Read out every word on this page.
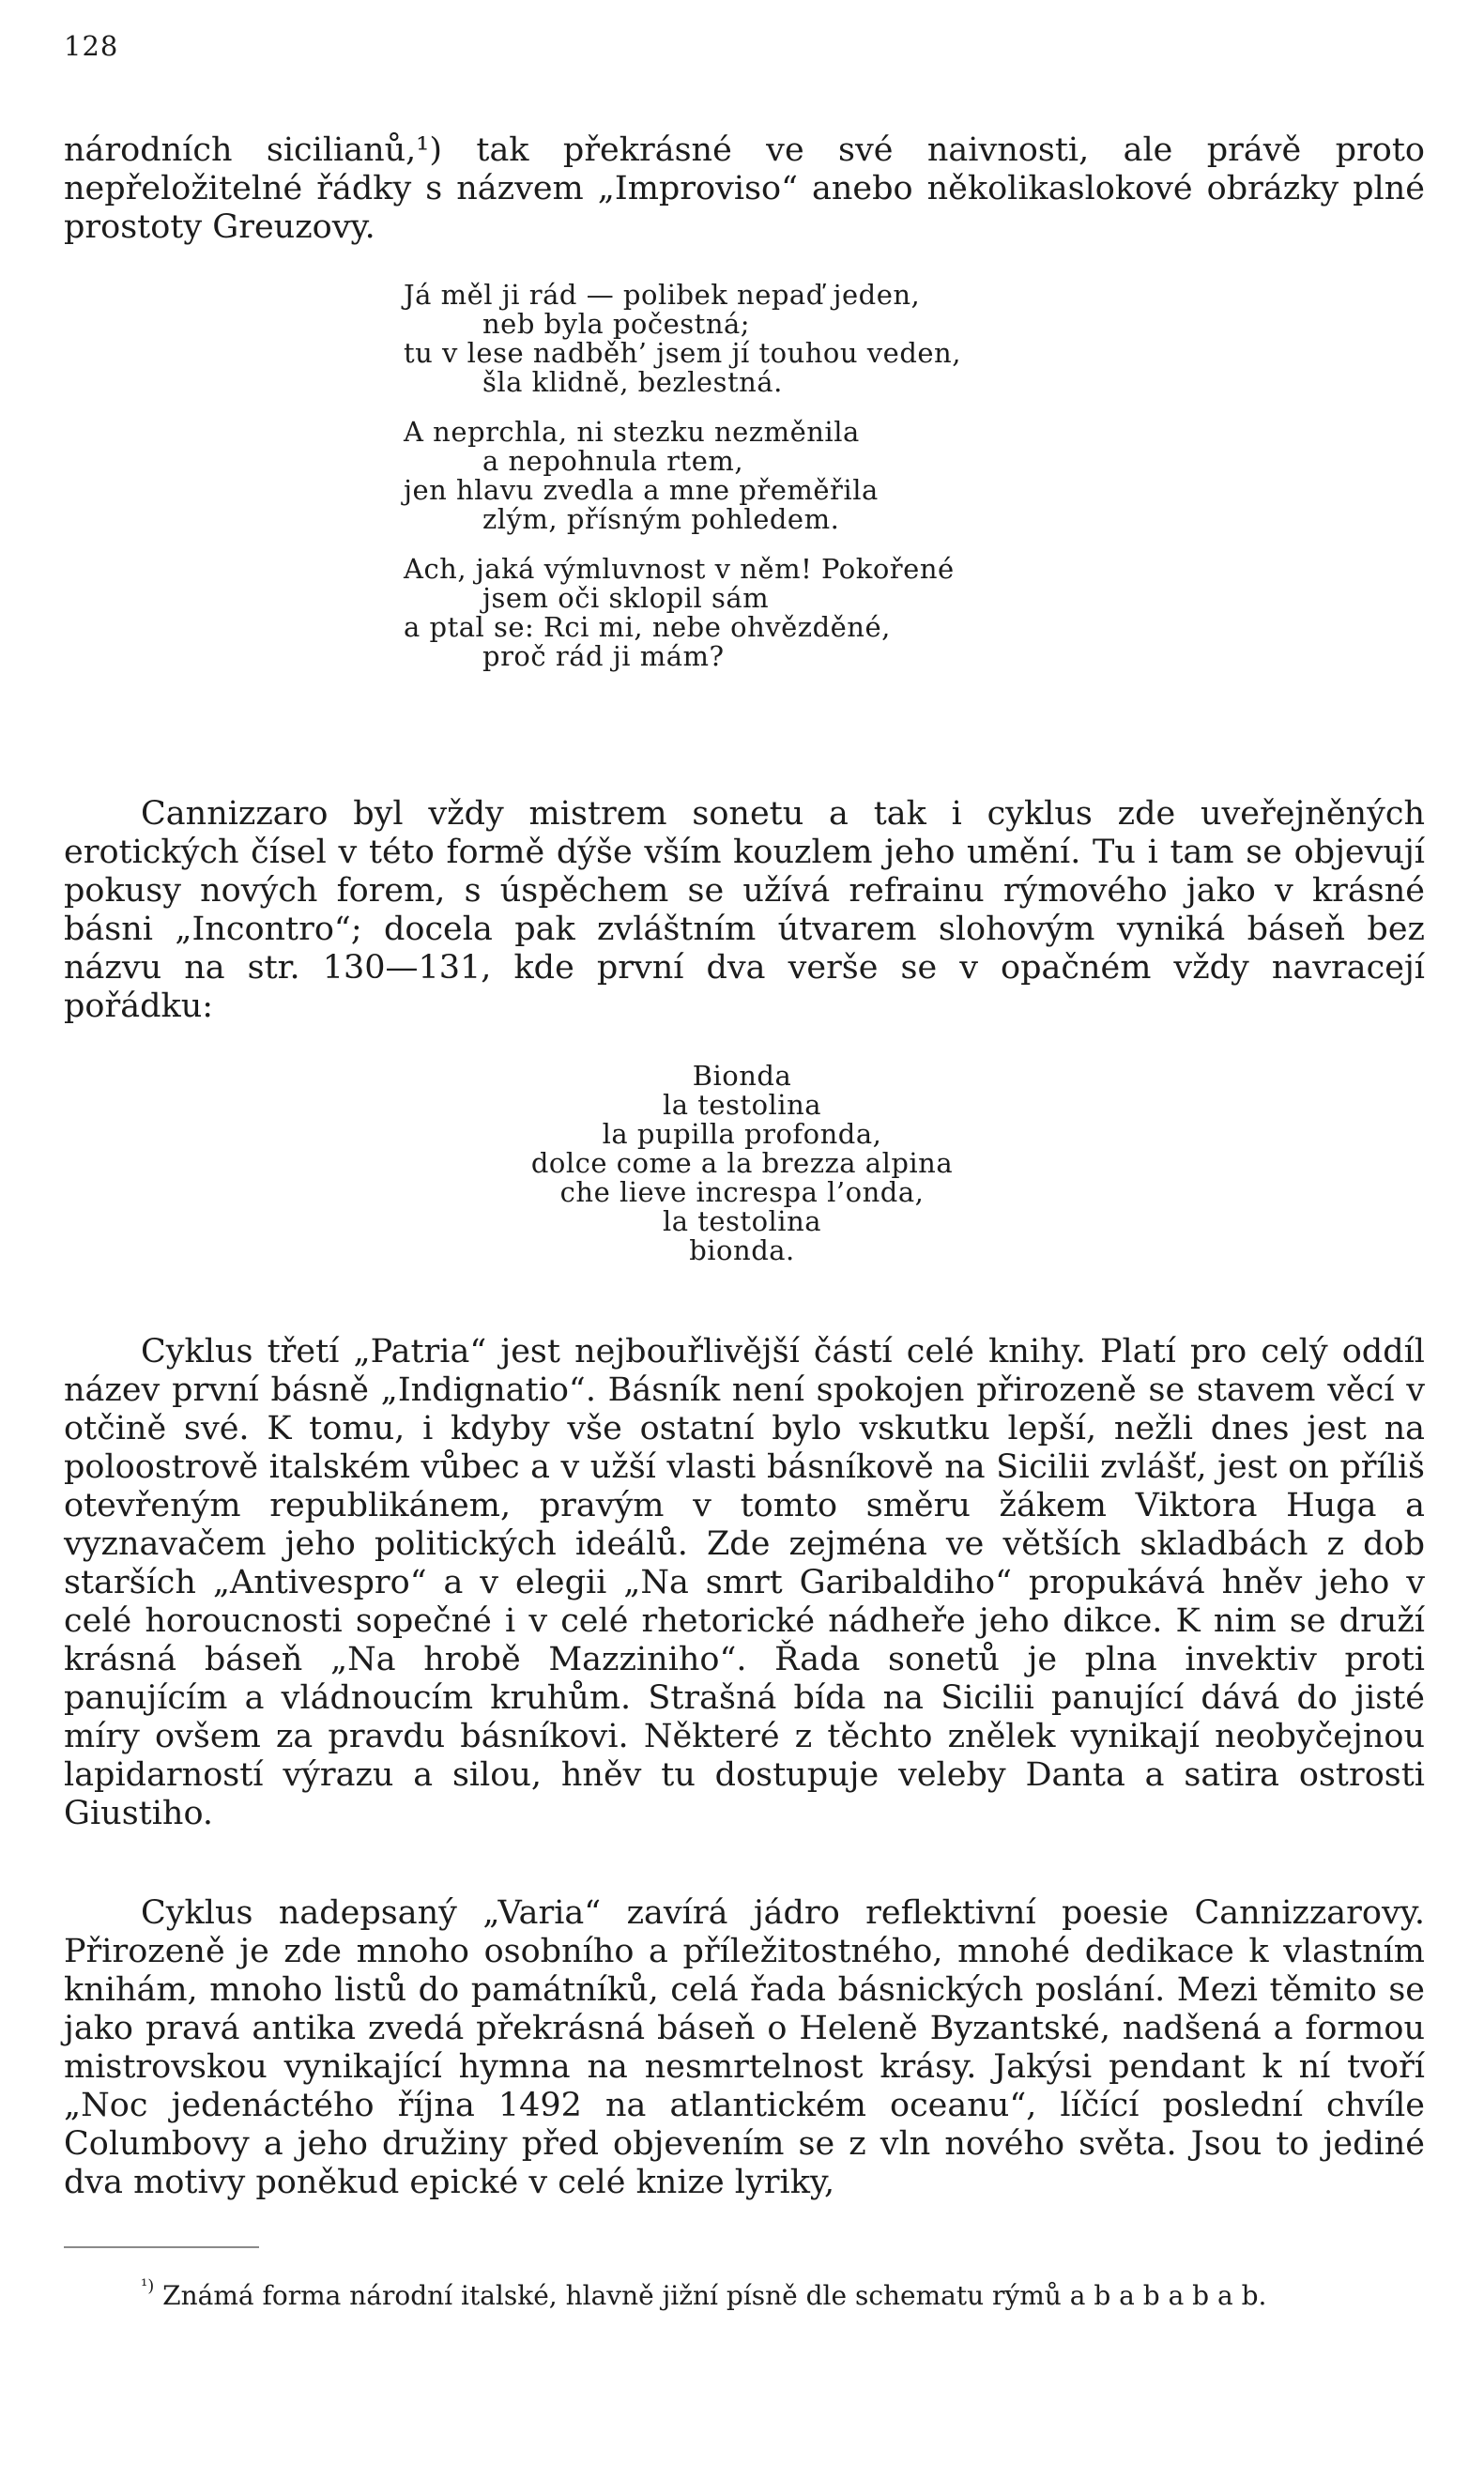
128

národních sicilianů,¹) tak překrásné ve své naivnosti, ale právě proto nepřeložitelné řádky s názvem „Improviso“ anebo několikaslokové obrázky plné prostoty Greuzovy.

Já měl ji rád — polibek nepaď jeden,
neb byla počestná;
tu v lese nadběh’ jsem jí touhou veden,
šla klidně, bezlestná.
A neprchla, ni stezku nezměnila
a nepohnula rtem,
jen hlavu zvedla a mne přeměřila
zlým, přísným pohledem.
Ach, jaká výmluvnost v něm! Pokořené
jsem oči sklopil sám
a ptal se: Rci mi, nebe ohvězděné,
proč rád ji mám?

Cannizzaro byl vždy mistrem sonetu a tak i cyklus zde uveřejněných erotických čísel v této formě dýše vším kouzlem jeho umění. Tu i tam se objevují pokusy nových forem, s úspěchem se užívá refrainu rýmového jako v krásné básni „Incontro“; docela pak zvláštním útvarem slohovým vyniká báseň bez názvu na str. 130—131, kde první dva verše se v opačném vždy navracejí pořádku:

Bionda
la testolina
la pupilla profonda,
dolce come a la brezza alpina
che lieve increspa l’onda,
la testolina
bionda.

Cyklus třetí „Patria“ jest nejbouřlivější částí celé knihy. Platí pro celý oddíl název první básně „Indignatio“. Básník není spokojen přirozeně se stavem věcí v otčině své. K tomu, i kdyby vše ostatní bylo vskutku lepší, nežli dnes jest na poloostrově italském vůbec a v užší vlasti básníkově na Sicilii zvlášť, jest on příliš otevřeným republikánem, pravým v tomto směru žákem Viktora Huga a vyznavačem jeho politických ideálů. Zde zejména ve větších skladbách z dob starších „Antivespro“ a v elegii „Na smrt Garibaldiho“ propukává hněv jeho v celé horoucnosti sopečné i v celé rhetorické nádheře jeho dikce. K nim se druží krásná báseň „Na hrobě Mazziniho“. Řada sonetů je plna invektiv proti panujícím a vládnoucím kruhům. Strašná bída na Sicilii panující dává do jisté míry ovšem za pravdu básníkovi. Některé z těchto znělek vynikají neobyčejnou lapidarností výrazu a silou, hněv tu dostupuje veleby Danta a satira ostrosti Giustiho.

Cyklus nadepsaný „Varia“ zavírá jádro reflektivní poesie Cannizzarovy. Přirozeně je zde mnoho osobního a příležitostného, mnohé dedikace k vlastním knihám, mnoho listů do památníků, celá řada básnických poslání. Mezi těmito se jako pravá antika zvedá překrásná báseň o Heleně Byzantské, nadšená a formou mistrovskou vynikající hymna na nesmrtelnost krásy. Jakýsi pendant k ní tvoří „Noc jedenáctého října 1492 na atlantickém oceanu“, líčící poslední chvíle Columbovy a jeho družiny před objevením se z vln nového světa. Jsou to jediné dva motivy poněkud epické v celé knize lyriky,

$^{^1)}$ Známá forma národní italské, hlavně jižní písně dle schematu rýmů a b a b a b a b.
